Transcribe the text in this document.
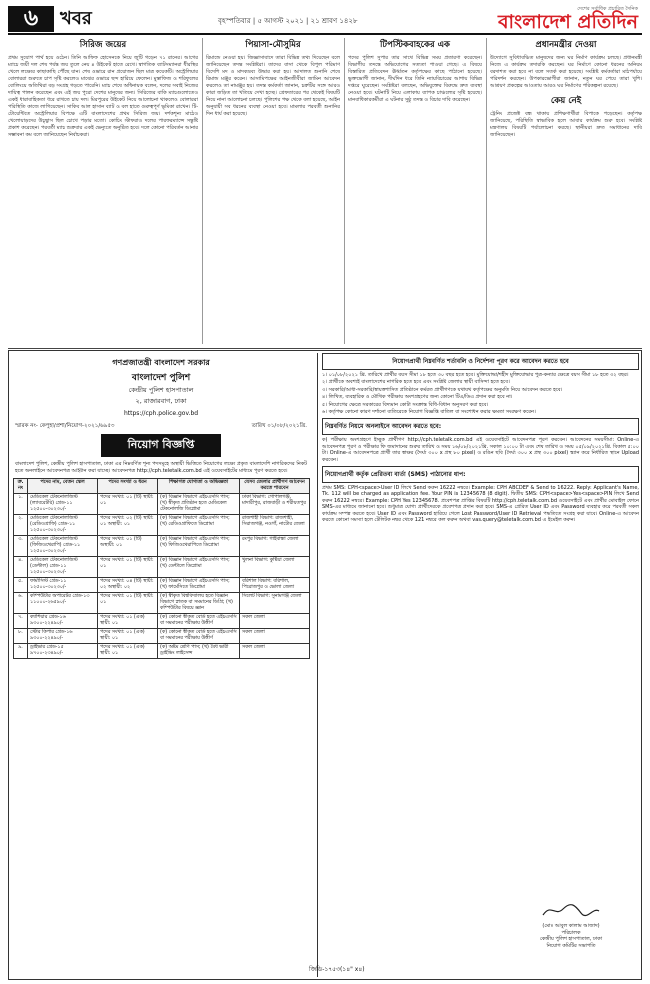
৬	খবর	বৃহস্পতিবার | ৫ আগস্ট ২০২১ | ২১ শ্রাবণ ১৪২৮
দেশের সর্বাধিক প্রচারিত দৈনিক
বাংলাদেশ প্রতিদিন
সিরিজ জয়ের

প্রথম সুযোগ পার্থ হয়ে ওঠেন। তিনি আফিফ হোসেনকে নিয়ে জুটি গড়েন ৭১ রানের। আগের ম্যাচে জয়ী দল শেষ পর্যন্ত জয় তুলে নেয় ৪ উইকেট হাতে রেখে। স্বাগতিক ব্যাটসম্যানরা ধীরস্থির খেলে লক্ষ্যের কাছাকাছি পৌঁছে যান। শেষ ওভারে রান প্রয়োজন ছিল মাত্র কয়েকটি। অস্ট্রেলিয়ার বোলাররা শুরুতে চাপ সৃষ্টি করলেও মাঝের ওভারে ছন্দ হারিয়ে ফেলেন। মুস্তাফিজ ও শরিফুলের বোলিংয়ে অতিথিরা বড় সংগ্রহ গড়তে পারেনি। ম্যাচ শেষে অধিনায়ক বলেন, দলের সবাই নিজের দায়িত্ব পালন করেছেন এবং এই জয় পুরো দেশের মানুষের জন্য। সিরিজের বাকি ম্যাচগুলোতেও একই ধারাবাহিকতা ধরে রাখতে চায় দল। মিরপুরের উইকেট নিয়ে আলোচনা থাকলেও বোলাররা পরিস্থিতি কাজে লাগিয়েছেন। সাকিব আল হাসান ব্যাট ও বল হাতে গুরুত্বপূর্ণ ভূমিকা রাখেন। টি-টোয়েন্টিতে অস্ট্রেলিয়ার বিপক্ষে এটি বাংলাদেশের প্রথম সিরিজ জয়। দর্শকশূন্য মাঠেও খেলোয়াড়দের উচ্ছ্বাস ছিল চোখে পড়ার মতো। কোচিং স্টাফরাও দলের পারফরম্যান্সে সন্তুষ্টি প্রকাশ করেছেন। পরবর্তী ম্যাচ শুক্রবার একই ভেন্যুতে অনুষ্ঠিত হবে। দলে কোনো পরিবর্তন আনার সম্ভাবনা কম বলে জানিয়েছেন নির্বাচকরা।

পিয়াসা-মৌসুমির

রিমান্ডে নেওয়া হয়। জিজ্ঞাসাবাদে তারা বিভিন্ন তথ্য দিয়েছেন বলে জানিয়েছেন তদন্ত সংশ্লিষ্টরা। তাদের বাসা থেকে বিপুল পরিমাণ বিদেশি মদ ও মাদকদ্রব্য উদ্ধার করা হয়। আদালত শুনানি শেষে রিমান্ড মঞ্জুর করেন। আসামিপক্ষের আইনজীবীরা জামিন আবেদন করলেও তা নামঞ্জুর হয়। তদন্ত কর্মকর্তা জানান, চক্রটির সঙ্গে আরও কারা জড়িত তা খতিয়ে দেখা হচ্ছে। গ্রেফতারের পর থেকেই বিষয়টি নিয়ে নানা আলোচনা চলছে। পুলিশের পক্ষ থেকে বলা হয়েছে, আইন অনুযায়ী সব ধরনের ব্যবস্থা নেওয়া হবে। মামলার পরবর্তী শুনানির দিন ধার্য করা হয়েছে।

টিপস্টিকবাহকের এক

পদের পুলিশ সুপার তার সাথে বিভিন্ন সময় প্রতারণা করেছেন। বিভাগীয় তদন্তে অভিযোগের সত্যতা পাওয়া গেছে। এ বিষয়ে বিস্তারিত প্রতিবেদন ঊর্ধ্বতন কর্তৃপক্ষের কাছে পাঠানো হয়েছে। ভুক্তভোগী জানান, দীর্ঘদিন ধরে তিনি ন্যায়বিচারের আশায় বিভিন্ন দপ্তরে ঘুরেছেন। সংশ্লিষ্টরা বলছেন, অভিযুক্তের বিরুদ্ধে দ্রুত ব্যবস্থা নেওয়া হবে। ঘটনাটি নিয়ে এলাকায় ব্যাপক চাঞ্চল্যের সৃষ্টি হয়েছে। মানবাধিকারকর্মীরা এ ঘটনার সুষ্ঠু তদন্ত ও বিচার দাবি করেছেন।

প্রধানমন্ত্রীর দেওয়া

উদ্যোগে সুবিধাবঞ্চিত মানুষদের জন্য ঘর নির্মাণ কার্যক্রম চলছে। প্রধানমন্ত্রী নিজে এ কার্যক্রম তদারকি করছেন। ঘর নির্মাণে কোনো ধরনের অনিয়ম বরদাশত করা হবে না বলে সতর্ক করা হয়েছে। সংশ্লিষ্ট কর্মকর্তারা মাঠপর্যায়ে পরিদর্শন করছেন। উপকারভোগীরা জানান, নতুন ঘর পেয়ে তারা খুশি। আশ্রয়ণ প্রকল্পের আওতায় আরও ঘর নির্মাণের পরিকল্পনা রয়েছে।

কেয় নেই

ট্রেনিং প্রজেক্ট বন্ধ থাকায় প্রশিক্ষণার্থীরা বিপাকে পড়েছেন। কর্তৃপক্ষ জানিয়েছে, পরিস্থিতি স্বাভাবিক হলে আবার কার্যক্রম শুরু হবে। সংশ্লিষ্ট মন্ত্রণালয় বিষয়টি পর্যালোচনা করছে। স্থানীয়রা দ্রুত সমাধানের দাবি জানিয়েছেন।

গণপ্রজাতন্ত্রী বাংলাদেশ সরকার
বাংলাদেশ পুলিশ
কেন্দ্রীয় পুলিশ হাসপাতাল
২, রাজারবাগ, ঢাকা
https://cph.police.gov.bd
স্মারক নং- কেপুহা/প্রশা/নিয়োগ-২০২১/৬৯৫৩	তারিখ ০১/০৮/২০২১খ্রি.
নিয়োগ বিজ্ঞপ্তি
বাংলাদেশ পুলিশ, কেন্দ্রীয় পুলিশ হাসপাতাল, ঢাকা এর নিম্নবর্ণিত শূন্য পদসমূহে অস্থায়ী ভিত্তিতে নিয়োগের লক্ষ্যে প্রকৃত বাংলাদেশি নাগরিকদের নিকট হতে অনলাইনে আবেদনপত্র আহ্বান করা যাচ্ছে। আবেদনপত্র http://cph.teletalk.com.bd এই ওয়েবসাইটের মাধ্যমে পূরণ করতে হবে।
ক্র. নং	পদের নাম, বেতন স্কেল	পদের সংখ্যা ও ধরন	শিক্ষাগত যোগ্যতা ও অভিজ্ঞতা	যেসব জেলার প্রার্থীগণ আবেদন করতে পারবেন
১.	মেডিকেল টেকনোলজিস্ট (ল্যাবরেটরি) গ্রেড-১১ ১২৫০০-৩০২৩০/-	পদের সংখ্যা: ০১ (টি) স্থায়ী: ০১	(ক) বিজ্ঞান বিভাগে এইচএসসি পাস; (খ) স্বীকৃত প্রতিষ্ঠান হতে মেডিকেল টেকনোলজি ডিপ্লোমা	ঢাকা বিভাগ: গোপালগঞ্জ, মাদারীপুর, রাজবাড়ী ও শরীয়তপুর
২.	মেডিকেল টেকনোলজিস্ট (রেডিওগ্রাফি) গ্রেড-১১ ১২৫০০-৩০২৩০/-	পদের সংখ্যা: ০২ (টি) স্থায়ী: ০১ অস্থায়ী: ০১	(ক) বিজ্ঞান বিভাগে এইচএসসি পাস; (খ) রেডিওগ্রাফিতে ডিপ্লোমা	রাজশাহী বিভাগ: রাজশাহী, সিরাজগঞ্জ, নওগাঁ, নাটোর জেলা
৩.	মেডিকেল টেকনোলজিস্ট (ফিজিওথেরাপি) গ্রেড-১১ ১২৫০০-৩০২৩০/-	পদের সংখ্যা: ০১ (টি) অস্থায়ী: ০১	(ক) বিজ্ঞান বিভাগে এইচএসসি পাস; (খ) ফিজিওথেরাপিতে ডিপ্লোমা	রংপুর বিভাগ: গাইবান্ধা জেলা
৪.	মেডিকেল টেকনোলজিস্ট (ডেন্টাল) গ্রেড-১১ ১২৫০০-৩০২৩০/-	পদের সংখ্যা: ০১ (টি) স্থায়ী: ০১	(ক) বিজ্ঞান বিভাগে এইচএসসি পাস; (খ) ডেন্টালে ডিপ্লোমা	খুলনা বিভাগ: কুষ্টিয়া জেলা
৫.	ফার্মাসিস্ট গ্রেড-১১ ১২৫০০-৩০২৩০/-	পদের সংখ্যা: ০৪ (টি) স্থায়ী: ০২ অস্থায়ী: ০২	(ক) বিজ্ঞান বিভাগে এইচএসসি পাস; (খ) ফার্মেসিতে ডিপ্লোমা	বরিশাল বিভাগ: বরিশাল, পিরোজপুর ও ভোলা জেলা
৬.	কম্পিউটার অপারেটর গ্রেড-১৩ ১১০০০-২৬৫৯০/-	পদের সংখ্যা: ০১ (টি) স্থায়ী: ০১	(ক) স্বীকৃত বিশ্ববিদ্যালয় হতে বিজ্ঞান বিভাগে স্নাতক বা সমমানের ডিগ্রি; (খ) কম্পিউটার বিষয়ে জ্ঞান	সিলেট বিভাগ: সুনামগঞ্জ জেলা
৭.	ক্যাশিয়ার গ্রেড-১৬ ৯৩০০-২২৪৯০/-	পদের সংখ্যা: ০১ (এক) স্থায়ী: ০১	(ক) কোনো স্বীকৃত বোর্ড হতে এইচএসসি বা সমমানের পরীক্ষায় উত্তীর্ণ	সকল জেলা
৮.	স্টোর কিপার গ্রেড-১৬ ৯৩০০-২২৪৯০/-	পদের সংখ্যা: ০১ (এক) স্থায়ী: ০১	(ক) কোনো স্বীকৃত বোর্ড হতে এইচএসসি বা সমমানের পরীক্ষায় উত্তীর্ণ	সকল জেলা
৯.	ড্রাইভার গ্রেড-১৫ ৯৭০০-২৩৪৯০/-	পদের সংখ্যা: ০১ (এক) স্থায়ী: ০১	(ক) অষ্টম শ্রেণি পাস; (খ) বৈধ ভারী ড্রাইভিং লাইসেন্স	সকল জেলা
নিয়োগপ্রার্থী নিম্নবর্ণিত শর্তাবলি ও নির্দেশনা পূরণ করে আবেদন করতে হবে

১। ০১/০৮/২০২১ খ্রি. তারিখে প্রার্থীর বয়স সীমা ১৮ হতে ৩০ বছর হতে হবে। মুক্তিযোদ্ধা/শহীদ মুক্তিযোদ্ধার পুত্র-কন্যার ক্ষেত্রে বয়স সীমা ১৮ হতে ৩২ বছর।

২। প্রার্থীকে অবশ্যই বাংলাদেশের নাগরিক হতে হবে এবং সংশ্লিষ্ট জেলার স্থায়ী বাসিন্দা হতে হবে।

৩। সরকারি/আধা-সরকারি/স্বায়ত্তশাসিত প্রতিষ্ঠানে কর্মরত প্রার্থীগণকে যথাযথ কর্তৃপক্ষের অনুমতি নিয়ে আবেদন করতে হবে।

৪। লিখিত, ব্যবহারিক ও মৌখিক পরীক্ষায় অংশগ্রহণের জন্য কোনো টিএ/ডিএ প্রদান করা হবে না।

৫। নিয়োগের ক্ষেত্রে সরকারের বিদ্যমান কোটা সংক্রান্ত বিধি-বিধান অনুসরণ করা হবে।

৬। কর্তৃপক্ষ কোনো কারণ দর্শানো ব্যতিরেকে নিয়োগ বিজ্ঞপ্তি বাতিল বা সংশোধন করার ক্ষমতা সংরক্ষণ করেন।

নিম্নবর্ণিত নিয়মে অনলাইনে আবেদন করতে হবে:

ক) পরীক্ষায় অংশগ্রহণে ইচ্ছুক প্রার্থীগণ http://cph.teletalk.com.bd এই ওয়েবসাইটে আবেদনপত্র পূরণ করবেন। আবেদনের সময়সীমা: Online-এ আবেদনপত্র পূরণ ও পরীক্ষার ফি জমাদানের শুরুর তারিখ ও সময় ১৬/০৮/২০২১খ্রি. সকাল ১০:০০ টা এবং শেষ তারিখ ও সময় ০৫/০৯/২০২১খ্রি. বিকাল ৫:০০ টা। Online-এ আবেদনপত্রে প্রার্থী তার স্বাক্ষর (দৈর্ঘ্য ৩০০ x প্রস্থ ৮০ pixel) ও রঙিন ছবি (দৈর্ঘ্য ৩০০ x প্রস্থ ৩০০ pixel) স্ক্যান করে নির্ধারিত স্থানে Upload করবেন।

নিয়োগপ্রার্থী কর্তৃক প্রেরিতব্য বার্তা (SMS) পাঠানোর ধাপ:

প্রথম SMS: CPH<space>User ID লিখে Send করুন 16222 নম্বরে। Example: CPH ABCDEF & Send to 16222. Reply: Applicant's Name, Tk. 112 will be charged as application fee. Your PIN is 12345678 (8 digit). দ্বিতীয় SMS: CPH<space>Yes<space>PIN লিখে Send করুন 16222 নম্বরে। Example: CPH Yes 12345678. প্রবেশপত্র প্রাপ্তির বিষয়টি http://cph.teletalk.com.bd ওয়েবসাইটে এবং প্রার্থীর মোবাইল ফোনে SMS-এর মাধ্যমে জানানো হবে। শুধুমাত্র যোগ্য প্রার্থীদেরকে প্রবেশপত্র প্রদান করা হবে। SMS-এ প্রেরিত User ID এবং Password ব্যবহার করে পরবর্তী সকল কার্যক্রম সম্পন্ন করতে হবে। User ID এবং Password হারিয়ে গেলে Lost Password/User ID Retrieval পদ্ধতিতে সংগ্রহ করা যাবে। Online-এ আবেদন করতে কোনো সমস্যা হলে টেলিটক নম্বর থেকে 121 নম্বরে কল করুন অথবা vas.query@teletalk.com.bd এ ইমেইল করুন।

(মোঃ আবুল কালাম আজাদ)
পরিচালক
কেন্দ্রীয় পুলিশ হাসপাতাল, ঢাকা
নিয়োগ কমিটির সভাপতি
জিডি-১৭৫৩(১৪" x৪)
